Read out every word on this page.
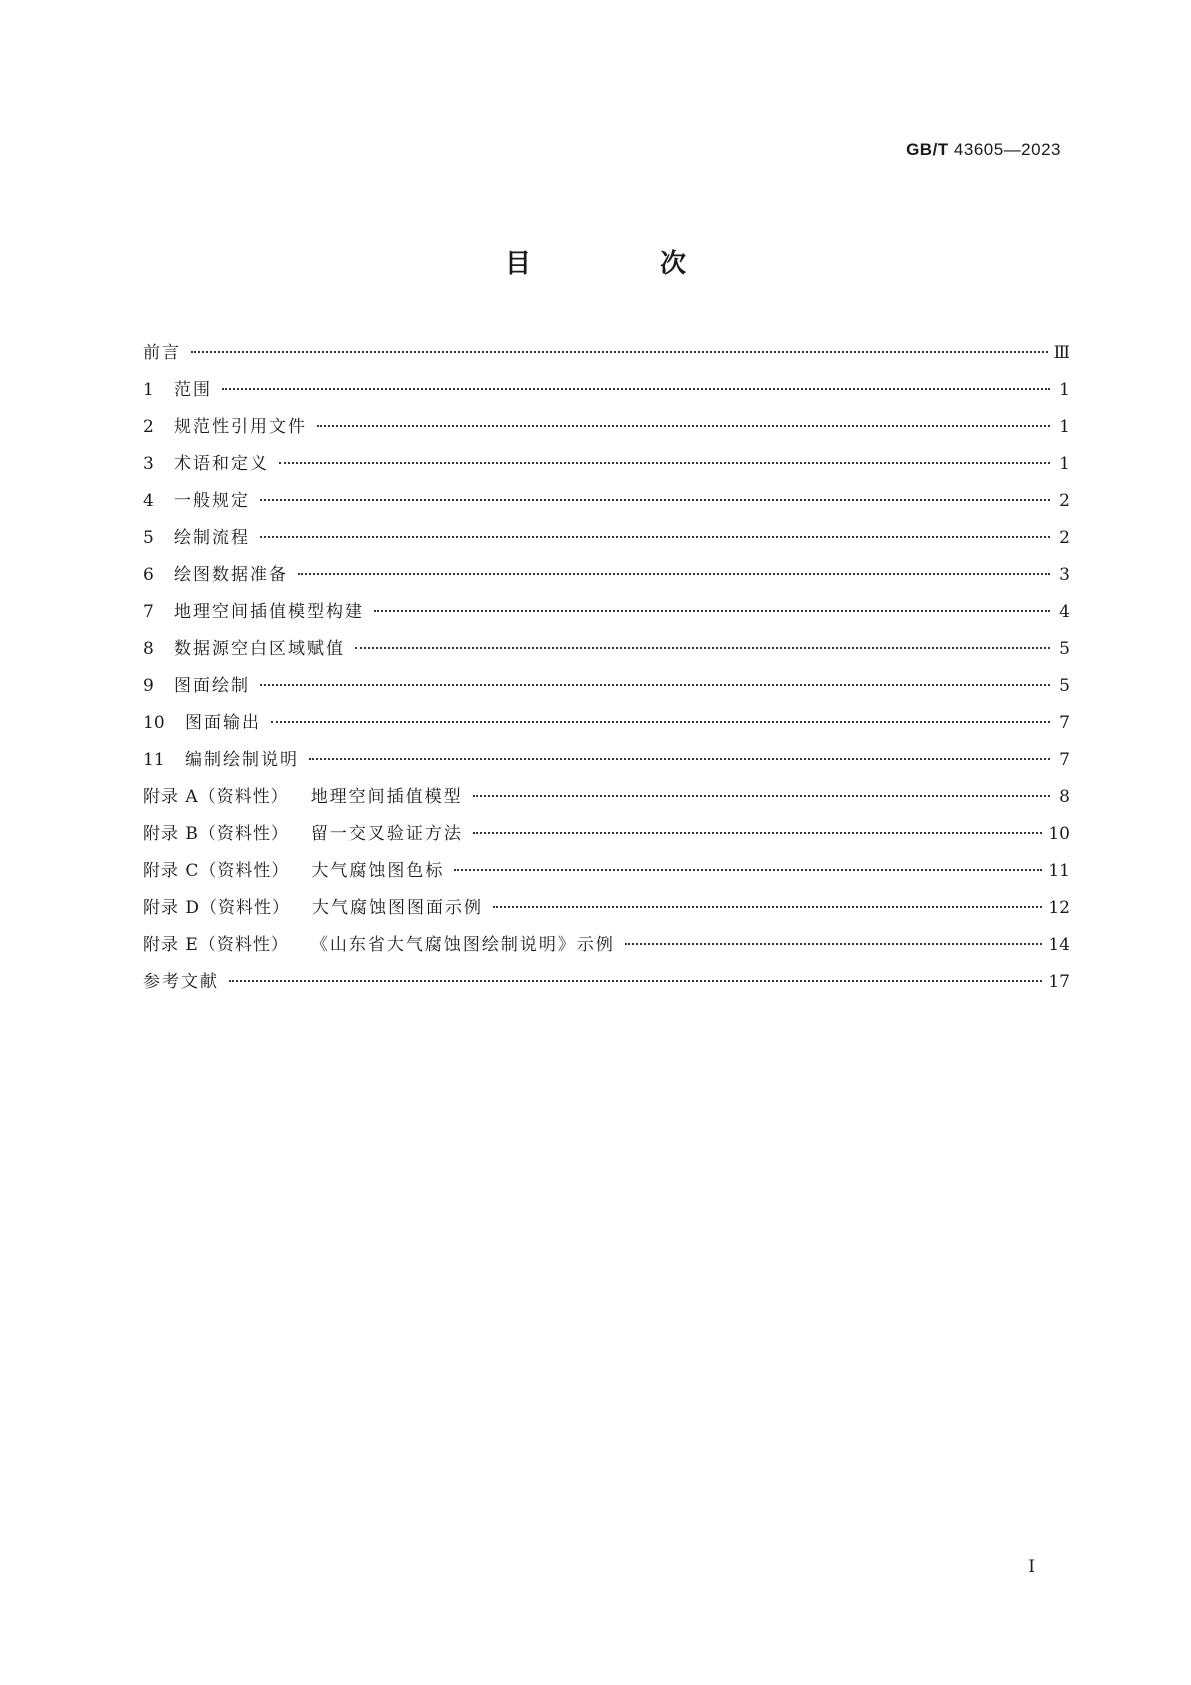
GB/T 43605—2023
目 次
前言	Ⅲ
1	范围	1
2	规范性引用文件	1
3	术语和定义	1
4	一般规定	2
5	绘制流程	2
6	绘图数据准备	3
7	地理空间插值模型构建	4
8	数据源空白区域赋值	5
9	图面绘制	5
10	图面输出	7
11	编制绘制说明	7
附录 A（资料性） 地理空间插值模型	8
附录 B（资料性） 留一交叉验证方法	10
附录 C（资料性） 大气腐蚀图色标	11
附录 D（资料性） 大气腐蚀图图面示例	12
附录 E（资料性） 《山东省大气腐蚀图绘制说明》示例	14
参考文献	17
Ⅰ
